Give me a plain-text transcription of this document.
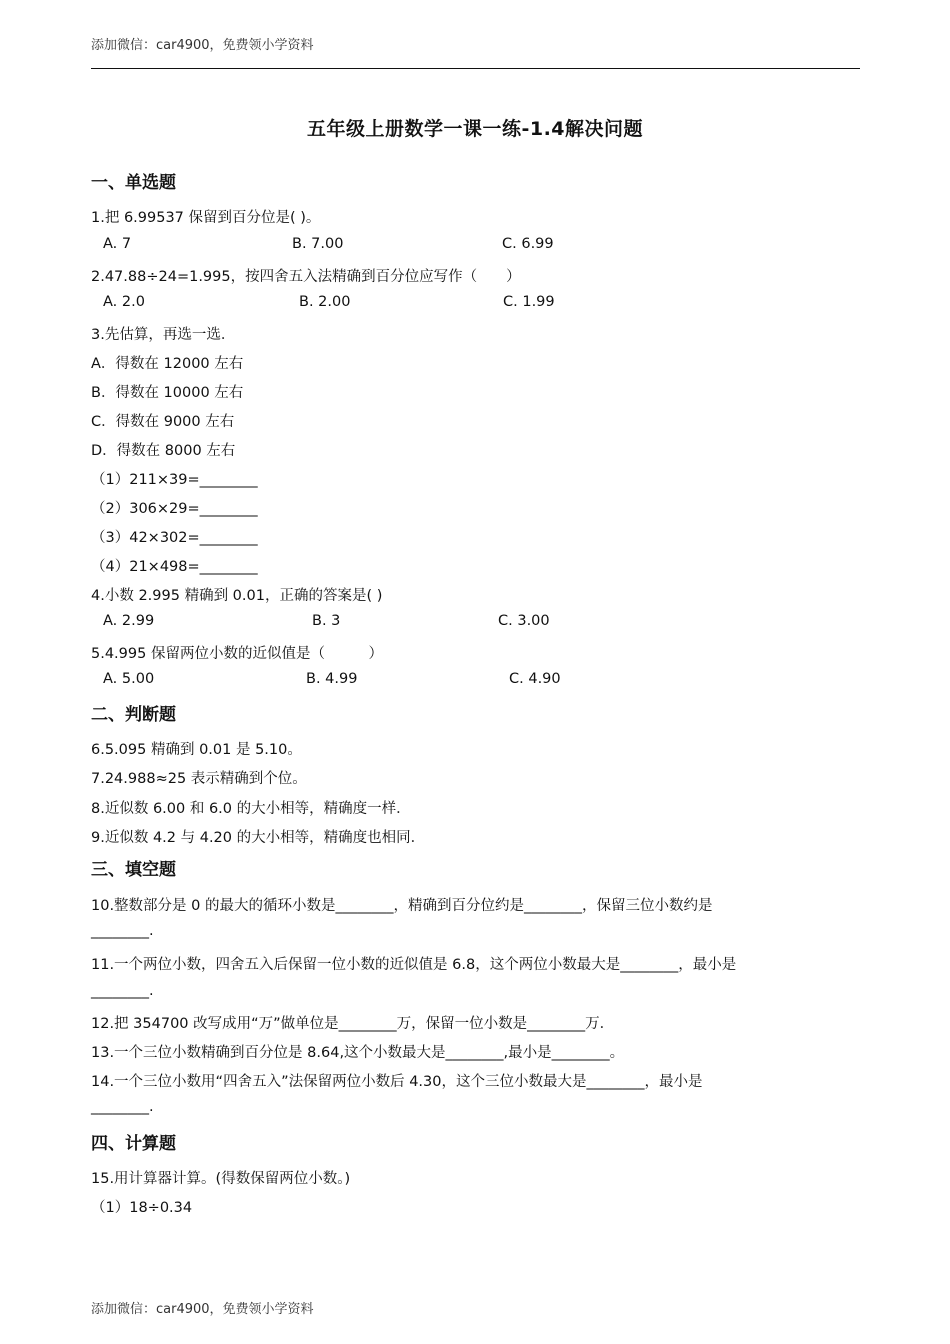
添加微信：car4900，免费领小学资料
五年级上册数学一课一练-1.4解决问题
一、单选题
1.把 6.99537 保留到百分位是( )。
A. 7	B. 7.00	C. 6.99
2.47.88÷24=1.995，按四舍五入法精确到百分位应写作（　　）
A. 2.0	B. 2.00	C. 1.99
3.先估算，再选一选．
A．得数在 12000 左右
B．得数在 10000 左右
C．得数在 9000 左右
D．得数在 8000 左右
（1）211×39=________
（2）306×29=________
（3）42×302=________
（4）21×498=________
4.小数 2.995 精确到 0.01，正确的答案是( )
A. 2.99	B. 3	C. 3.00
5.4.995 保留两位小数的近似值是（　　　）
A. 5.00	B. 4.99	C. 4.90
二、判断题
6.5.095 精确到 0.01 是 5.10。
7.24.988≈25 表示精确到个位。
8.近似数 6.00 和 6.0 的大小相等，精确度一样．
9.近似数 4.2 与 4.20 的大小相等，精确度也相同．
三、填空题
10.整数部分是 0 的最大的循环小数是________，精确到百分位约是________，保留三位小数约是
________.
11.一个两位小数，四舍五入后保留一位小数的近似值是 6.8，这个两位小数最大是________，最小是
________.
12.把 354700 改写成用“万”做单位是________万，保留一位小数是________万．
13.一个三位小数精确到百分位是 8.64,这个小数最大是________,最小是________。
14.一个三位小数用“四舍五入”法保留两位小数后 4.30，这个三位小数最大是________，最小是
________.
四、计算题
15.用计算器计算。(得数保留两位小数。)
（1）18÷0.34
添加微信：car4900，免费领小学资料
